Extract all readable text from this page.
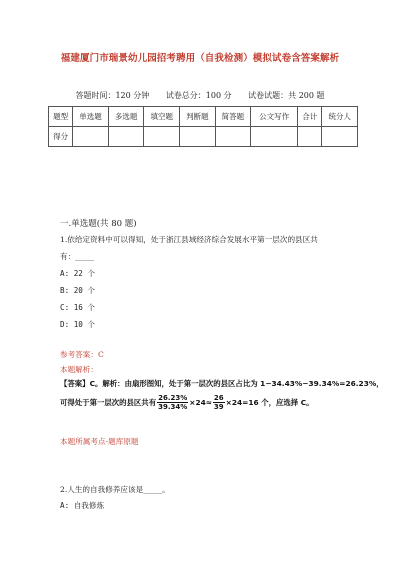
福建厦门市瑞景幼儿园招考聘用（自我检测）模拟试卷含答案解析
答题时间：120 分钟 试卷总分：100 分 试卷试题：共 200 题
题型	单选题	多选题	填空题	判断题	简答题	公文写作	合计	统分人
得分								
一.单选题(共 80 题)
1.依给定资料中可以得知，处于浙江县域经济综合发展水平第一层次的县区共
有：_____
A: 22 个
B: 20 个
C: 16 个
D: 10 个
参考答案：C
本题解析：
【答案】C。解析：由扇形图知，处于第一层次的县区占比为 1−34.43%−39.34%=26.23%，
可得处于第一层次的县区共有 $\frac{26.23\%}{39.34\%} \times 24\approx \frac{26}{39} \times 24=16$ 个，应选择 C。
本题所属考点-题库原题
2.人生的自我修养应该是_____。
A: 自我修炼
